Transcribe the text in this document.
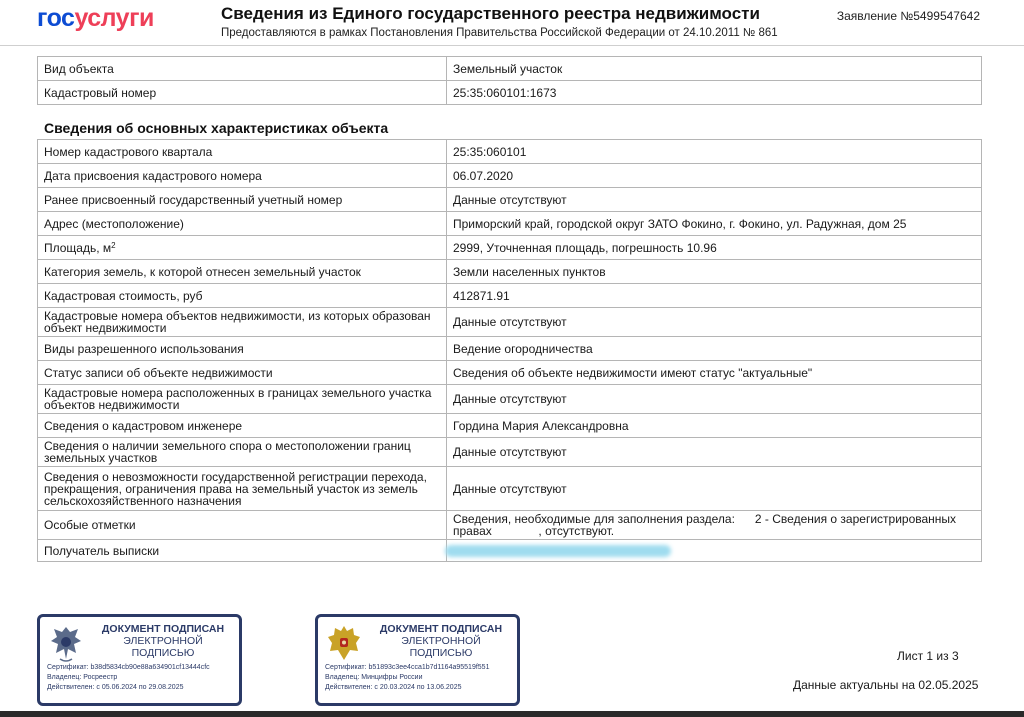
госуслуги	Сведения из Единого государственного реестра недвижимости
Предоставляются в рамках Постановления Правительства Российской Федерации от 24.10.2011 № 861
Заявление №5499547642
Вид объекта	Земельный участок
Кадастровый номер	25:35:060101:1673
Сведения об основных характеристиках объекта
Номер кадастрового квартала	25:35:060101
Дата присвоения кадастрового номера	06.07.2020
Ранее присвоенный государственный учетный номер	Данные отсутствуют
Адрес (местоположение)	Приморский край, городской округ ЗАТО Фокино, г. Фокино, ул. Радужная, дом 25
Площадь, $м^2$	2999, Уточненная площадь, погрешность 10.96
Категория земель, к которой отнесен земельный участок	Земли населенных пунктов
Кадастровая стоимость, руб	412871.91
Кадастровые номера объектов недвижимости, из которых образован объект недвижимости	Данные отсутствуют
Виды разрешенного использования	Ведение огородничества
Статус записи об объекте недвижимости	Сведения об объекте недвижимости имеют статус "актуальные"
Кадастровые номера расположенных в границах земельного участка объектов недвижимости	Данные отсутствуют
Сведения о кадастровом инженере	Гордина Мария Александровна
Сведения о наличии земельного спора о местоположении границ земельных участков	Данные отсутствуют
Сведения о невозможности государственной регистрации перехода, прекращения, ограничения права на земельный участок из земель сельскохозяйственного назначения	Данные отсутствуют
Особые отметки	Сведения, необходимые для заполнения раздела:      2 - Сведения о зарегистрированных правах              , отсутствуют.
Получатель выписки	
ДОКУМЕНТ ПОДПИСАН
ЭЛЕКТРОННОЙ
ПОДПИСЬЮ
Сертификат: b38d5834cb90e88a634901cf13444cfc
Владелец: Росреестр
Действителен: с 05.06.2024 по 29.08.2025
ДОКУМЕНТ ПОДПИСАН
ЭЛЕКТРОННОЙ
ПОДПИСЬЮ
Сертификат: b51893c3ee4cca1b7d1164a95519f551
Владелец: Минцифры России
Действителен: с 20.03.2024 по 13.06.2025
Лист 1 из 3
Данные актуальны на 02.05.2025
